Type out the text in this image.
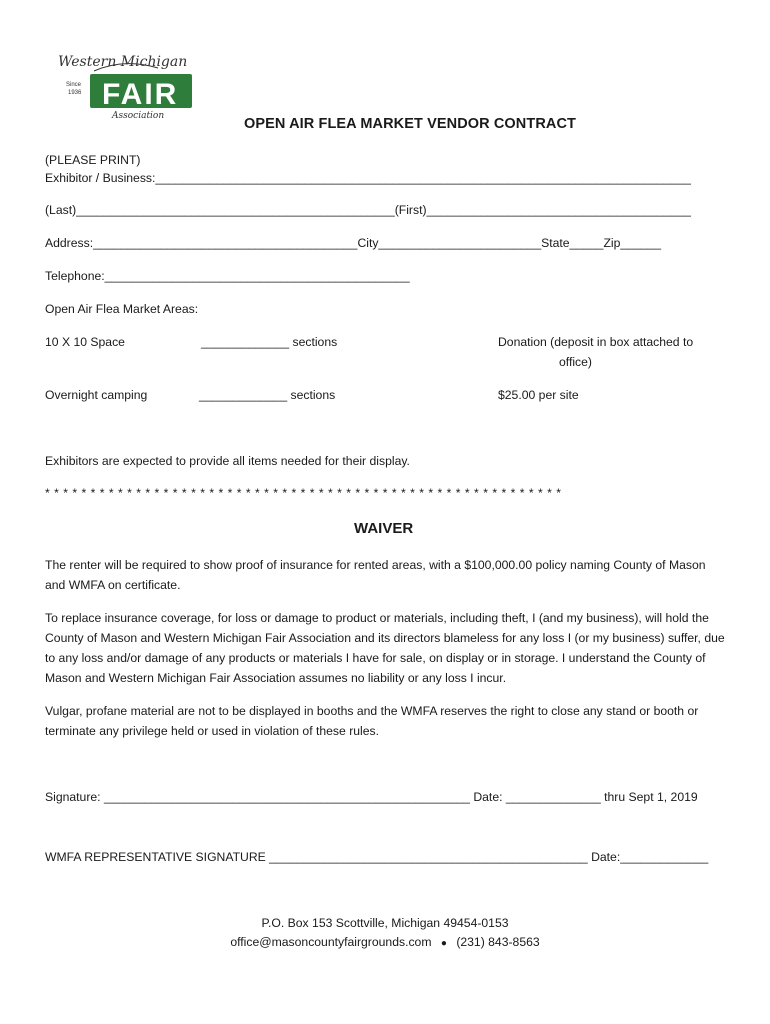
Western Michigan
FAIR
Since
1936
Association	OPEN AIR FLEA MARKET VENDOR CONTRACT
(PLEASE PRINT)
Exhibitor / Business:_______________________________________________________________________________
(Last)_______________________________________________(First)_______________________________________
Address:_______________________________________City________________________State_____Zip______
Telephone:_____________________________________________
Open Air Flea Market Areas:
10 X 10 Space	_____________ sections	Donation (deposit in box attached to
office)
Overnight camping	_____________ sections	$25.00 per site
Exhibitors are expected to provide all items needed for their display.
* * * * * * * * * * * * * * * * * * * * * * * * * * * * * * * * * * * * * * * * * * * * * * * * * * * * * * * * *
WAIVER
The renter will be required to show proof of insurance for rented areas, with a $100,000.00 policy naming County of Mason and WMFA on certificate.
To replace insurance coverage, for loss or damage to product or materials, including theft, I (and my business), will hold the County of Mason and Western Michigan Fair Association and its directors blameless for any loss I (or my business) suffer, due to any loss and/or damage of any products or materials I have for sale, on display or in storage. I understand the County of Mason and Western Michigan Fair Association assumes no liability or any loss I incur.
Vulgar, profane material are not to be displayed in booths and the WMFA reserves the right to close any stand or booth or terminate any privilege held or used in violation of these rules.
Signature: ______________________________________________________ Date: ______________ thru Sept 1, 2019
WMFA REPRESENTATIVE SIGNATURE _______________________________________________ Date:_____________
P.O. Box 153 Scottville, Michigan 49454-0153
office@masoncountyfairgrounds.com ● (231) 843-8563
